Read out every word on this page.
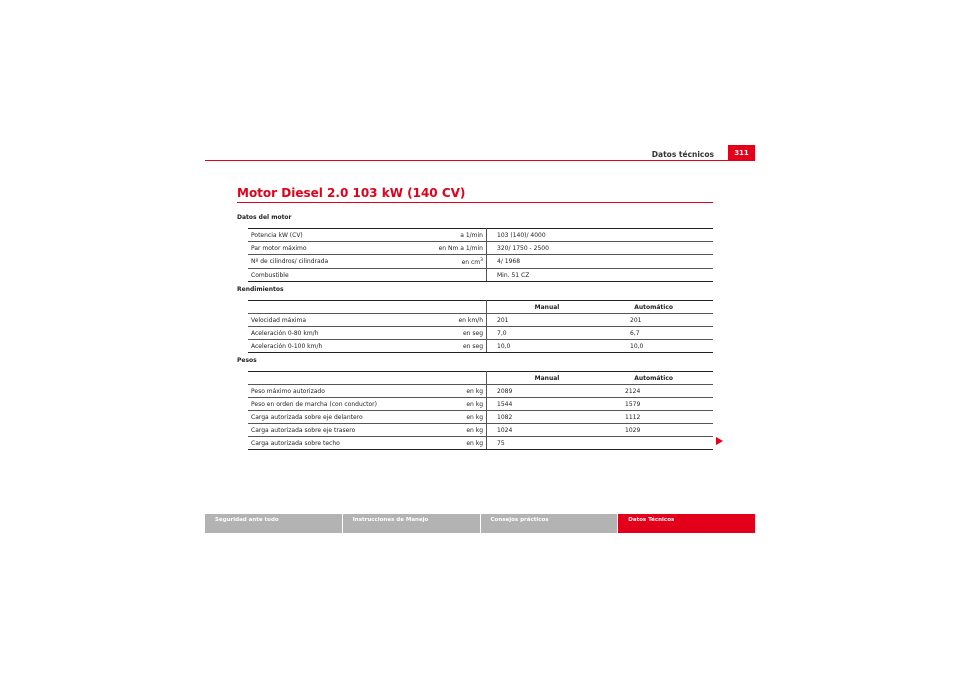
Datos técnicos	311
Motor Diesel 2.0 103 kW (140 CV)
Datos del motor
Potencia kW (CV)	a 1/min	103 (140)/ 4000
Par motor máximo	en Nm a 1/min	320/ 1750 - 2500
Nº de cilindros/ cilindrada	en $cm^3$	4/ 1968
Combustible		Min. 51 CZ
Rendimientos
		Manual	Automático
Velocidad máxima	en km/h	201	201
Aceleración 0-80 km/h	en seg	7,0	6,7
Aceleración 0-100 km/h	en seg	10,0	10,0
Pesos
		Manual	Automático
Peso máximo autorizado	en kg	2089	2124
Peso en orden de marcha (con conductor)	en kg	1544	1579
Carga autorizada sobre eje delantero	en kg	1082	1112
Carga autorizada sobre eje trasero	en kg	1024	1029
Carga autorizada sobre techo	en kg	75	
Seguridad ante todo	Instrucciones de Manejo	Consejos prácticos	Datos Técnicos
